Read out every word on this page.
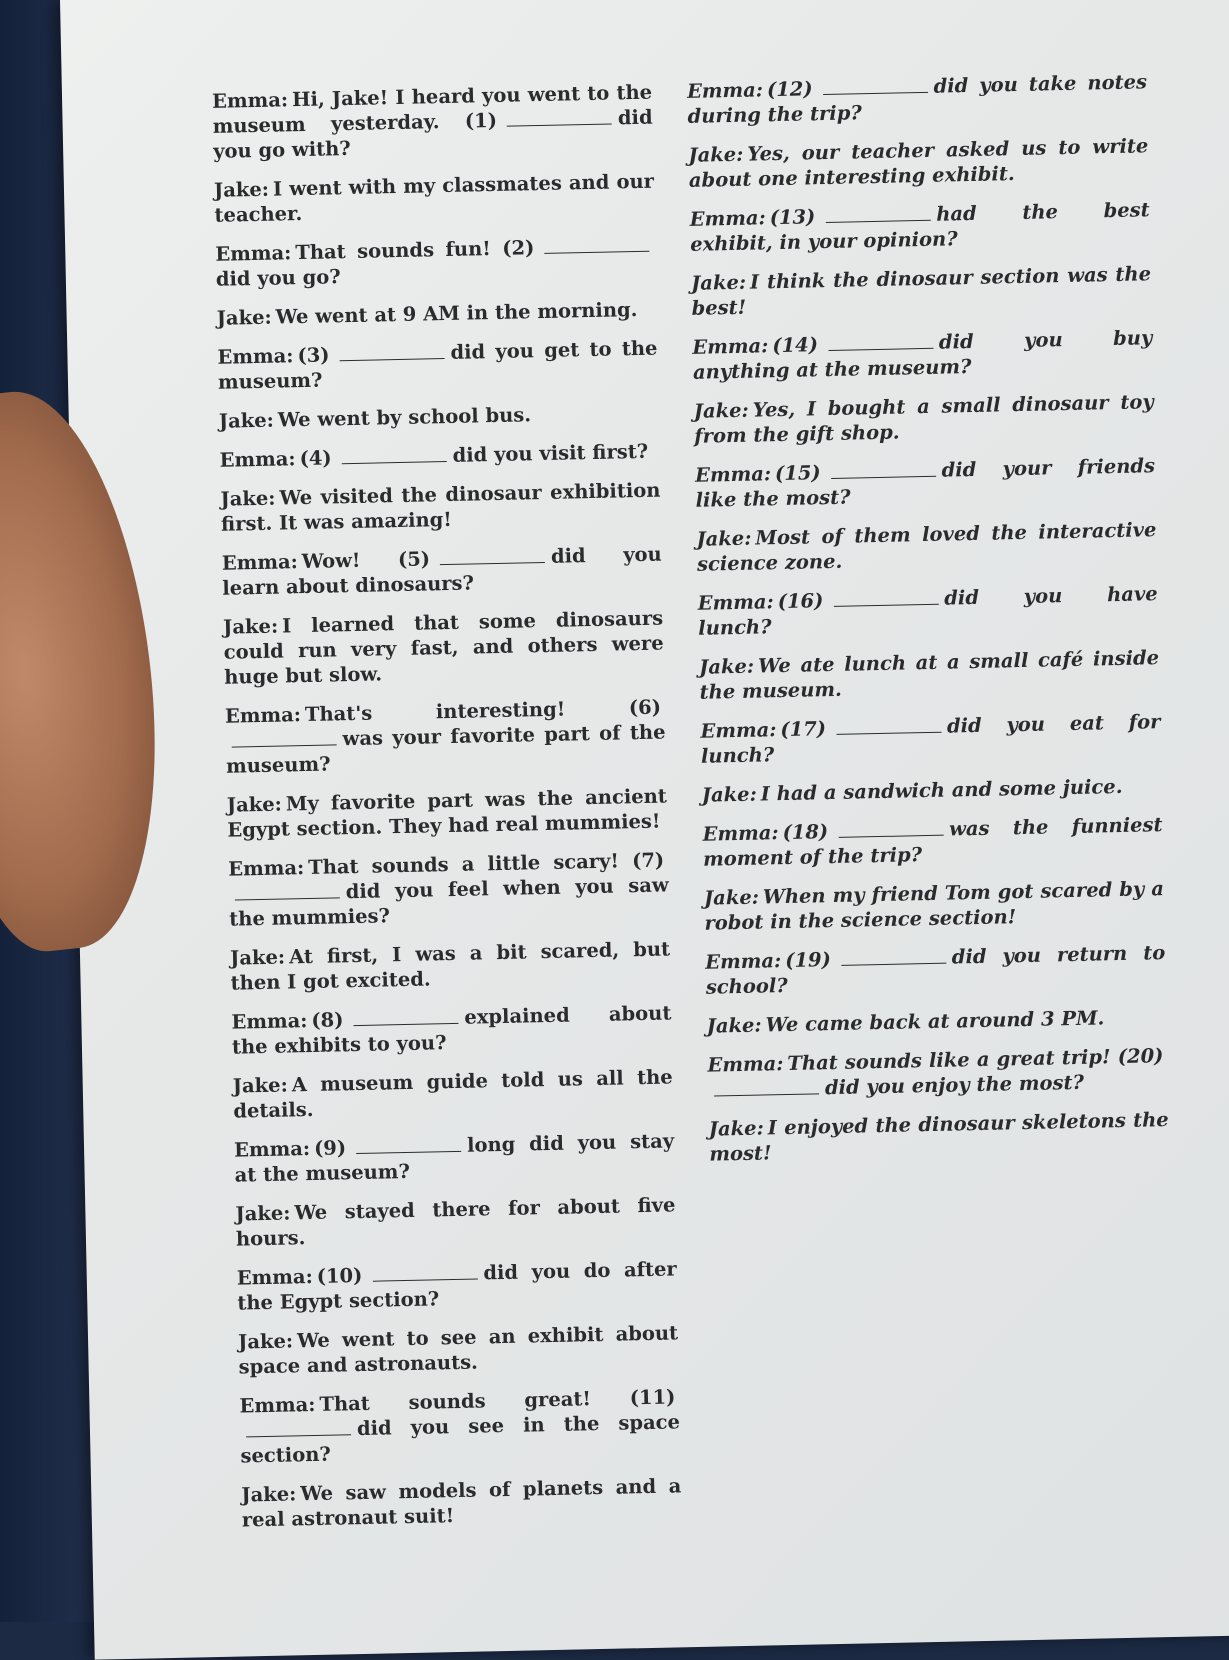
Emma: Hi, Jake! I heard you went to the museum yesterday. (1)	did you go with?
Jake: I went with my classmates and our teacher.
Emma: That sounds fun! (2)did you go?
Jake: We went at 9 AM in the morning.
Emma: (3)	did you get to the museum?
Jake: We went by school bus.
Emma: (4)	did you visit first?
Jake: We visited the dinosaur exhibition first. It was amazing!
Emma: Wow! (5)	did you learn about dinosaurs?
Jake: I learned that some dinosaurs could run very fast, and others were huge but slow.
Emma: That's interesting!	(6)was your favorite part of the museum?
Jake: My favorite part was the ancient Egypt section. They had real mummies!
Emma: That sounds a little scary! (7)did you feel when you saw the mummies?
Jake: At first, I was a bit scared, but then I got excited.
Emma: (8)	explained about the exhibits to you?
Jake: A museum guide told us all the details.
Emma: (9)	long did you stay at the museum?
Jake: We stayed there for about five hours.
Emma: (10)	did you do after the Egypt section?
Jake: We went to see an exhibit about space and astronauts.
Emma: That sounds great! (11)did you see in the space section?
Jake: We saw models of planets and a real astronaut suit!
Emma: (12)	did you take notes during the trip?
Jake: Yes, our teacher asked us to write about one interesting exhibit.
Emma: (13)	had the best exhibit, in your opinion?
Jake: I think the dinosaur section was the best!
Emma: (14)	did you buy anything at the museum?
Jake: Yes, I bought a small dinosaur toy from the gift shop.
Emma: (15)	did your friends like the most?
Jake: Most of them loved the interactive science zone.
Emma: (16)	did you have lunch?
Jake: We ate lunch at a small café inside the museum.
Emma: (17)	did you eat for lunch?
Jake: I had a sandwich and some juice.
Emma: (18)	was the funniest moment of the trip?
Jake: When my friend Tom got scared by a robot in the science section!
Emma: (19)	did you return to school?
Jake: We came back at around 3 PM.
Emma: That sounds like a great trip! (20)did you enjoy the most?
Jake: I enjoyed the dinosaur skeletons the most!
